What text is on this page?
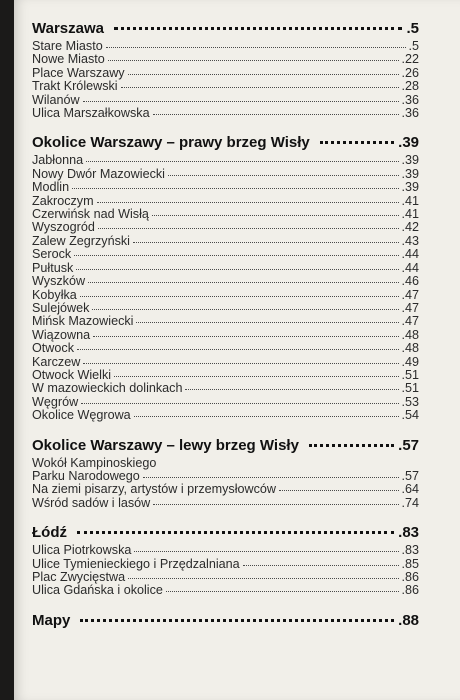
Warszawa	. 5
Stare Miasto	. 5
Nowe Miasto	. 22
Place Warszawy	. 26
Trakt Królewski	. 28
Wilanów	. 36
Ulica Marszałkowska	. 36
Okolice Warszawy – prawy brzeg Wisły	. 39
Jabłonna	. 39
Nowy Dwór Mazowiecki	. 39
Modlin	. 39
Zakroczym	. 41
Czerwińsk nad Wisłą	. 41
Wyszogród	. 42
Zalew Zegrzyński	. 43
Serock	. 44
Pułtusk	. 44
Wyszków	. 46
Kobyłka	. 47
Sulejówek	. 47
Mińsk Mazowiecki	. 47
Wiązowna	. 48
Otwock	. 48
Karczew	. 49
Otwock Wielki	. 51
W mazowieckich dolinkach	. 51
Węgrów	. 53
Okolice Węgrowa	. 54
Okolice Warszawy – lewy brzeg Wisły	. 57
Wokół Kampinoskiego
Parku Narodowego	. 57
Na ziemi pisarzy, artystów i przemysłowców	. 64
Wśród sadów i lasów	. 74
Łódź	. 83
Ulica Piotrkowska	. 83
Ulice Tymienieckiego i Przędzalniana	. 85
Plac Zwycięstwa	. 86
Ulica Gdańska i okolice	. 86
Mapy	. 88
